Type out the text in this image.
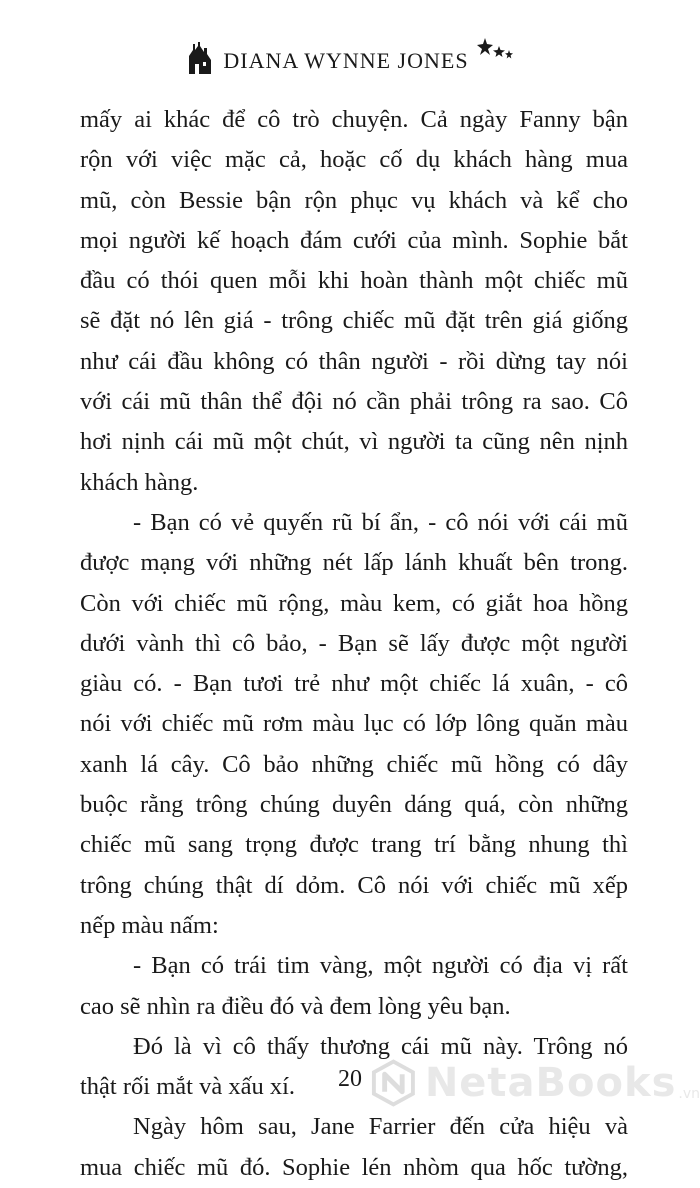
DIANA WYNNE JONES
mấy ai khác để cô trò chuyện. Cả ngày Fanny bận
rộn với việc mặc cả, hoặc cố dụ khách hàng mua
mũ, còn Bessie bận rộn phục vụ khách và kể cho
mọi người kế hoạch đám cưới của mình. Sophie bắt
đầu có thói quen mỗi khi hoàn thành một chiếc mũ
sẽ đặt nó lên giá - trông chiếc mũ đặt trên giá giống
như cái đầu không có thân người - rồi dừng tay nói
với cái mũ thân thể đội nó cần phải trông ra sao. Cô
hơi nịnh cái mũ một chút, vì người ta cũng nên nịnh
khách hàng.
- Bạn có vẻ quyến rũ bí ẩn, - cô nói với cái mũ
được mạng với những nét lấp lánh khuất bên trong.
Còn với chiếc mũ rộng, màu kem, có giắt hoa hồng
dưới vành thì cô bảo, - Bạn sẽ lấy được một người
giàu có. - Bạn tươi trẻ như một chiếc lá xuân, - cô
nói với chiếc mũ rơm màu lục có lớp lông quăn màu
xanh lá cây. Cô bảo những chiếc mũ hồng có dây
buộc rằng trông chúng duyên dáng quá, còn những
chiếc mũ sang trọng được trang trí bằng nhung thì
trông chúng thật dí dỏm. Cô nói với chiếc mũ xếp
nếp màu nấm:
- Bạn có trái tim vàng, một người có địa vị rất
cao sẽ nhìn ra điều đó và đem lòng yêu bạn.
Đó là vì cô thấy thương cái mũ này. Trông nó
thật rối mắt và xấu xí.
Ngày hôm sau, Jane Farrier đến cửa hiệu và
mua chiếc mũ đó. Sophie lén nhòm qua hốc tường,
20 NetaBooks .vn
